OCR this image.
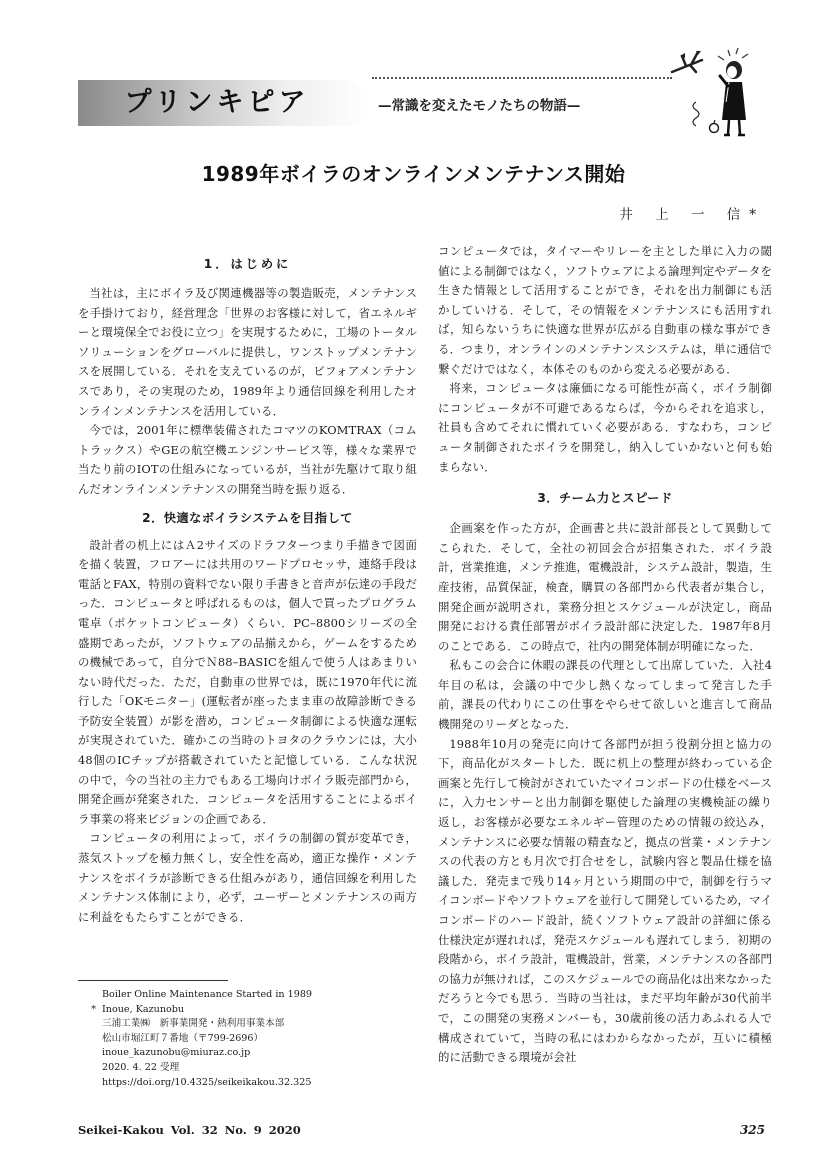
プリンキピア	—常識を変えたモノたちの物語—
1989年ボイラのオンラインメンテナンス開始
井 上 一 信*
1．はじめに

当社は，主にボイラ及び関連機器等の製造販売，メンテナンスを手掛けており，経営理念「世界のお客様に対して，省エネルギーと環境保全でお役に立つ」を実現するために，工場のトータルソリューションをグローバルに提供し，ワンストップメンテナンスを展開している．それを支えているのが，ビフォアメンテナンスであり，その実現のため，1989年より通信回線を利用したオンラインメンテナンスを活用している．

今では，2001年に標準装備されたコマツのKOMTRAX（コムトラックス）やGEの航空機エンジンサービス等，様々な業界で当たり前のIOTの仕組みになっているが，当社が先駆けて取り組んだオンラインメンテナンスの開発当時を振り返る．

2．快適なボイラシステムを目指して

設計者の机上にはＡ2サイズのドラフターつまり手描きで図面を描く装置，フロアーには共用のワードプロセッサ，連絡手段は電話とFAX，特別の資料でない限り手書きと音声が伝達の手段だった．コンピュータと呼ばれるものは，個人で買ったプログラム電卓（ポケットコンピュータ）くらい．PC–8800シリーズの全盛期であったが，ソフトウェアの品揃えから，ゲームをするための機械であって，自分でＮ88–BASICを組んで使う人はあまりいない時代だった．ただ，自動車の世界では，既に1970年代に流行した「OKモニター」(運転者が座ったまま車の故障診断できる予防安全装置）が影を潜め，コンピュータ制御による快適な運転が実現されていた．確かこの当時のトヨタのクラウンには，大小48個のICチップが搭載されていたと記憶している．こんな状況の中で，今の当社の主力でもある工場向けボイラ販売部門から，開発企画が発案された．コンピュータを活用することによるボイラ事業の将来ビジョンの企画である．

コンピュータの利用によって，ボイラの制御の質が変革でき，蒸気ストップを極力無くし，安全性を高め，適正な操作・メンテナンスをボイラが診断できる仕組みがあり，通信回線を利用したメンテナンス体制により，必ず，ユーザーとメンテナンスの両方に利益をもたらすことができる．

コンピュータでは，タイマーやリレーを主とした単に入力の閾値による制御ではなく，ソフトウェアによる論理判定やデータを生きた情報として活用することができ，それを出力制御にも活かしていける．そして，その情報をメンテナンスにも活用すれば，知らないうちに快適な世界が広がる自動車の様な事ができる．つまり，オンラインのメンテナンスシステムは，単に通信で繋ぐだけではなく，本体そのものから変える必要がある．

将来，コンピュータは廉価になる可能性が高く，ボイラ制御にコンピュータが不可避であるならば，今からそれを追求し，社員も含めてそれに慣れていく必要がある．すなわち，コンピュータ制御されたボイラを開発し，納入していかないと何も始まらない．

3．チーム力とスピード

企画案を作った方が，企画書と共に設計部長として異動してこられた．そして，全社の初回会合が招集された．ボイラ設計，営業推進，メンテ推進，電機設計，システム設計，製造，生産技術，品質保証，検査，購買の各部門から代表者が集合し，開発企画が説明され，業務分担とスケジュールが決定し，商品開発における責任部署がボイラ設計部に決定した．1987年8月のことである．この時点で，社内の開発体制が明確になった．

私もこの会合に休暇の課長の代理として出席していた．入社4年目の私は，会議の中で少し熱くなってしまって発言した手前，課長の代わりにこの仕事をやらせて欲しいと進言して商品機開発のリーダとなった．

1988年10月の発売に向けて各部門が担う役割分担と協力の下，商品化がスタートした．既に机上の整理が終わっている企画案と先行して検討がされていたマイコンボードの仕様をベースに，入力センサーと出力制御を駆使した論理の実機検証の繰り返し，お客様が必要なエネルギー管理のための情報の絞込み，メンテナンスに必要な情報の精査など，拠点の営業・メンテナンスの代表の方とも月次で打合せをし，試験内容と製品仕様を協議した．発売まで残り14ヶ月という期間の中で，制御を行うマイコンボードやソフトウェアを並行して開発しているため，マイコンボードのハード設計，続くソフトウェア設計の詳細に係る仕様決定が遅れれば，発売スケジュールも遅れてしまう．初期の段階から，ボイラ設計，電機設計，営業，メンテナンスの各部門の協力が無ければ，このスケジュールでの商品化は出来なかっただろうと今でも思う．当時の当社は，まだ平均年齢が30代前半で，この開発の実務メンバーも，30歳前後の活力あふれる人で構成されていて，当時の私にはわからなかったが，互いに積極的に活動できる環境が会社

Boiler Online Maintenance Started in 1989
* Inoue, Kazunobu
三浦工業㈱　新事業開発・熱利用事業本部
松山市堀江町７番地（〒799-2696）
inoue_kazunobu@miuraz.co.jp
2020. 4. 22 受理
https://doi.org/10.4325/seikeikakou.32.325
Seikei-Kakou Vol. 32 No. 9 2020	325
